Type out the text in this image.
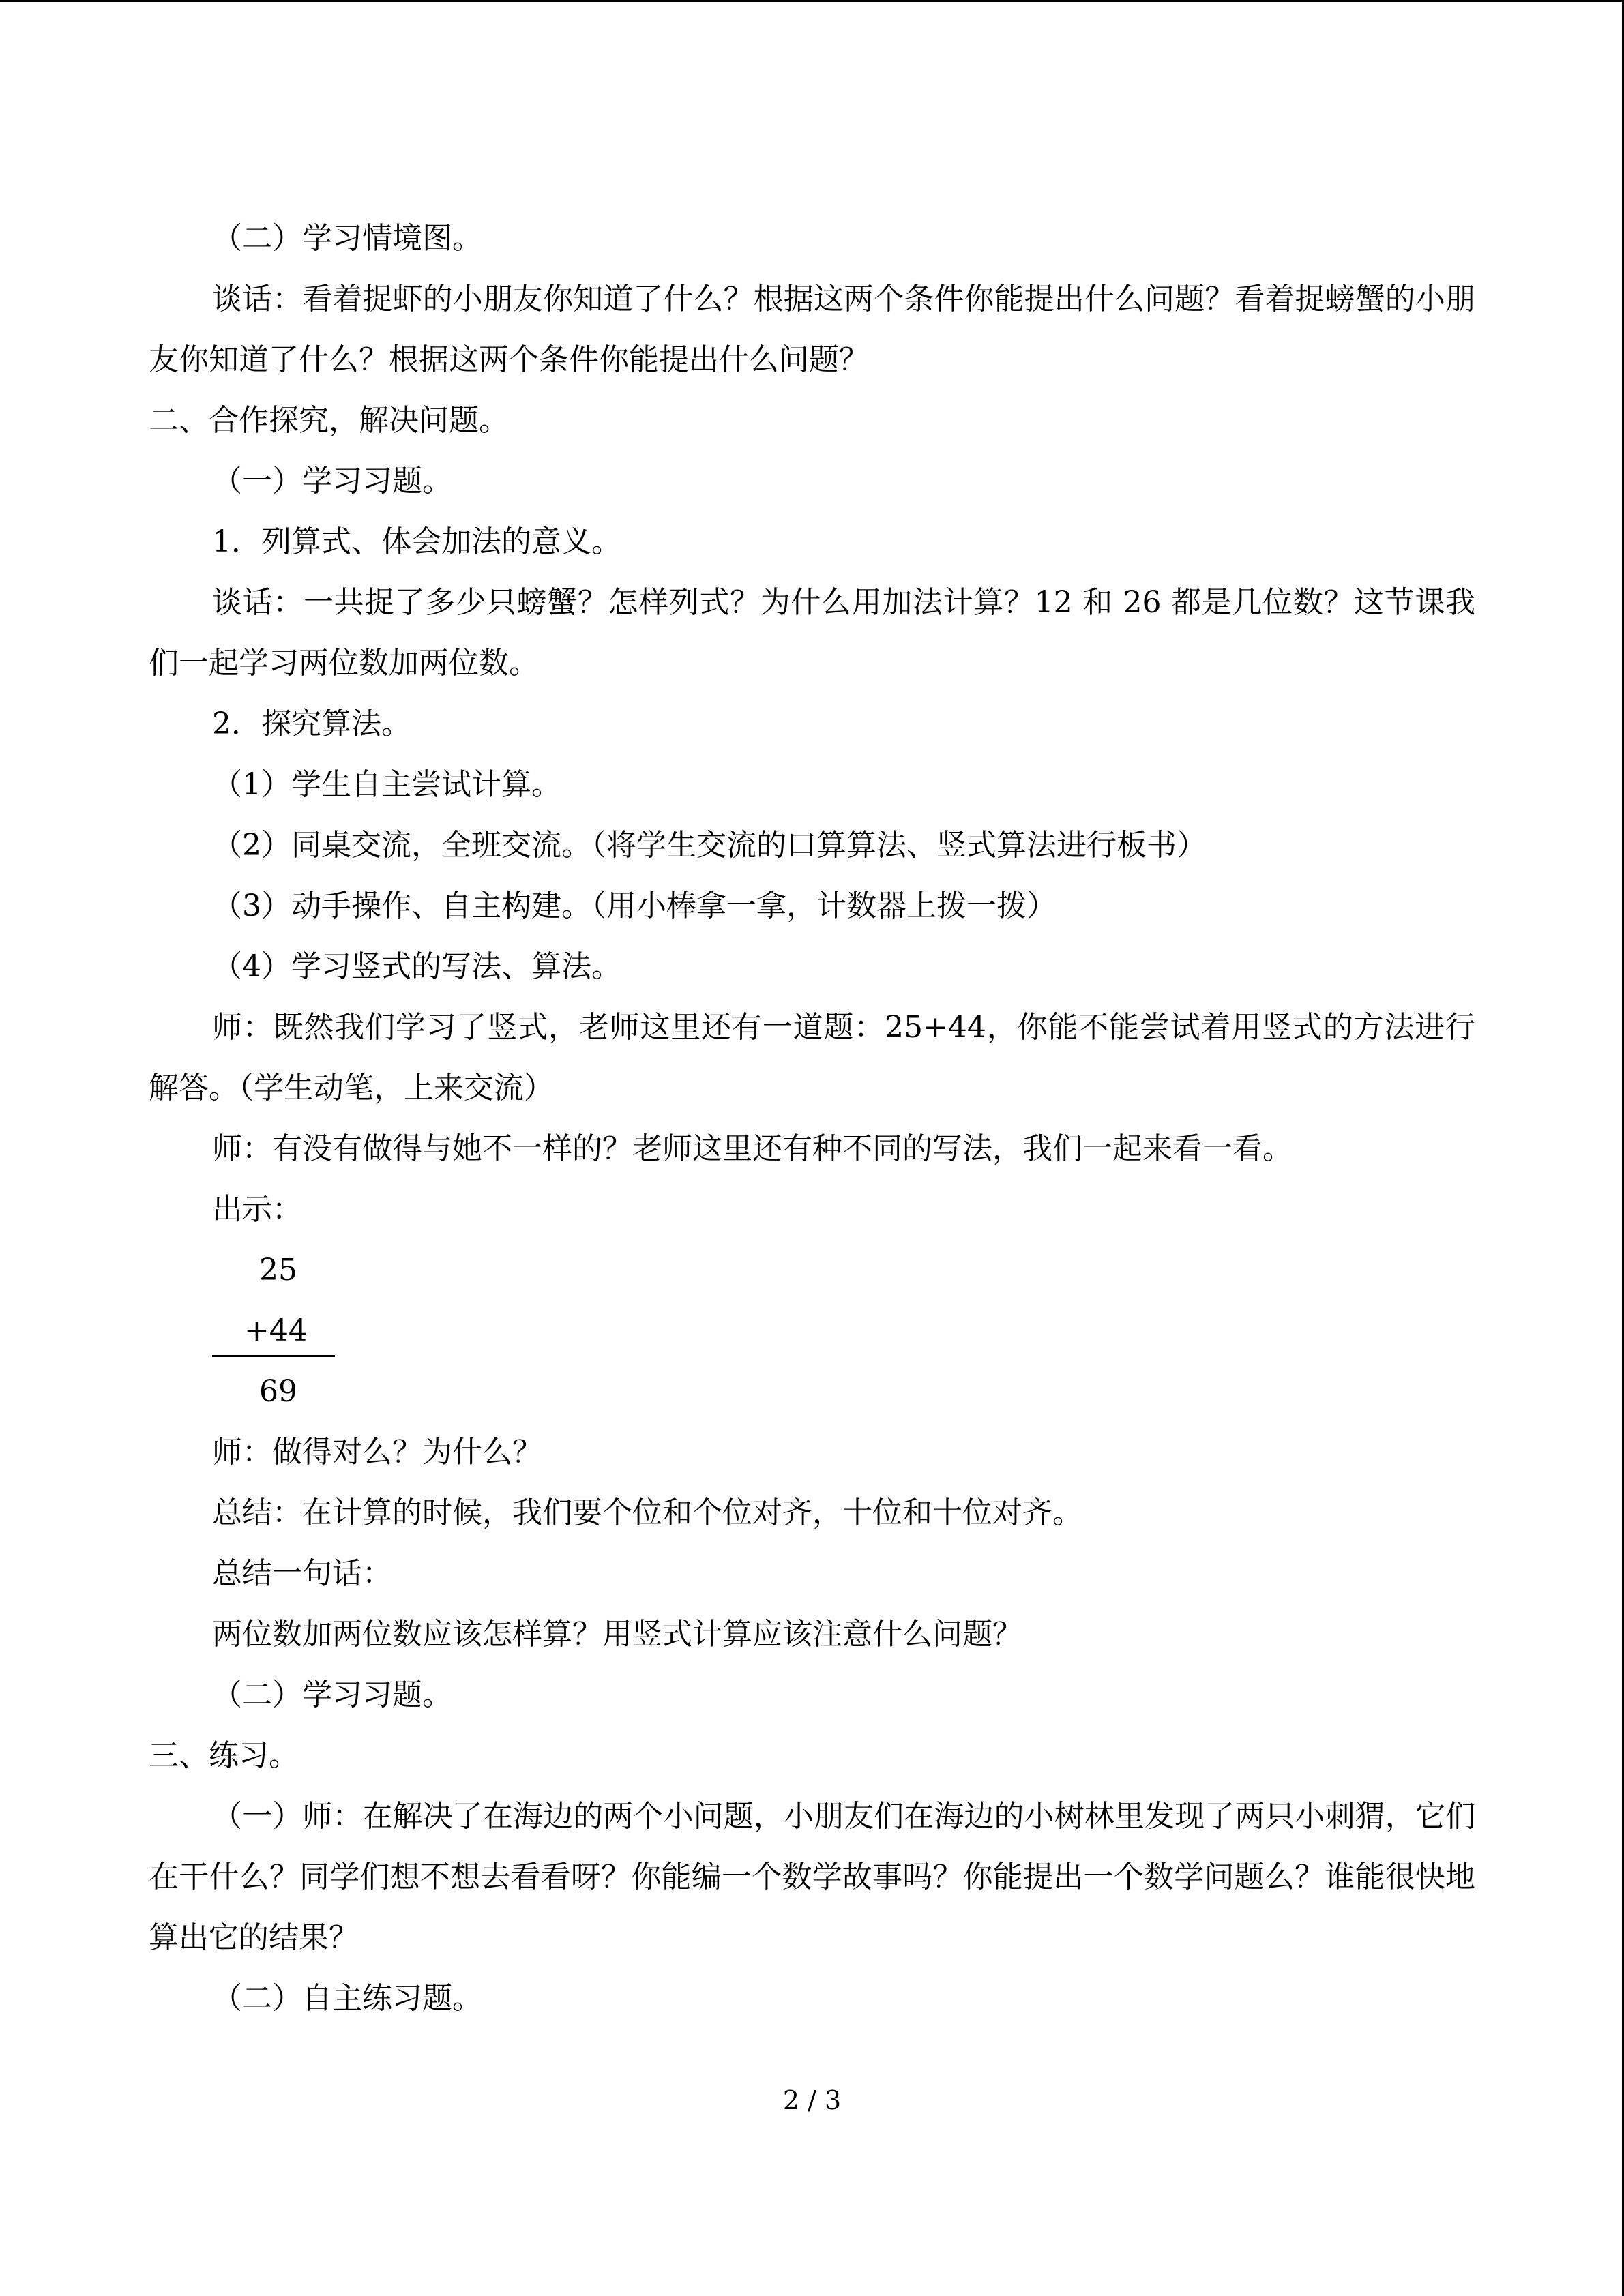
（二）学习情境图。
谈话：看着捉虾的小朋友你知道了什么？根据这两个条件你能提出什么问题？看着捉螃蟹的小朋友你知道了什么？根据这两个条件你能提出什么问题？
二、合作探究，解决问题。
（一）学习习题。
1．列算式、体会加法的意义。
谈话：一共捉了多少只螃蟹？怎样列式？为什么用加法计算？12 和 26 都是几位数？这节课我们一起学习两位数加两位数。
2．探究算法。
（1）学生自主尝试计算。
（2）同桌交流，全班交流。（将学生交流的口算算法、竖式算法进行板书）
（3）动手操作、自主构建。（用小棒拿一拿，计数器上拨一拨）
（4）学习竖式的写法、算法。
师：既然我们学习了竖式，老师这里还有一道题：25+44，你能不能尝试着用竖式的方法进行解答。（学生动笔，上来交流）
师：有没有做得与她不一样的？老师这里还有种不同的写法，我们一起来看一看。
出示：
25
+44
69
师：做得对么？为什么？
总结：在计算的时候，我们要个位和个位对齐，十位和十位对齐。
总结一句话：
两位数加两位数应该怎样算？用竖式计算应该注意什么问题？
（二）学习习题。
三、练习。
（一）师：在解决了在海边的两个小问题，小朋友们在海边的小树林里发现了两只小刺猬，它们在干什么？同学们想不想去看看呀？你能编一个数学故事吗？你能提出一个数学问题么？谁能很快地算出它的结果？
（二）自主练习题。
2 / 3
